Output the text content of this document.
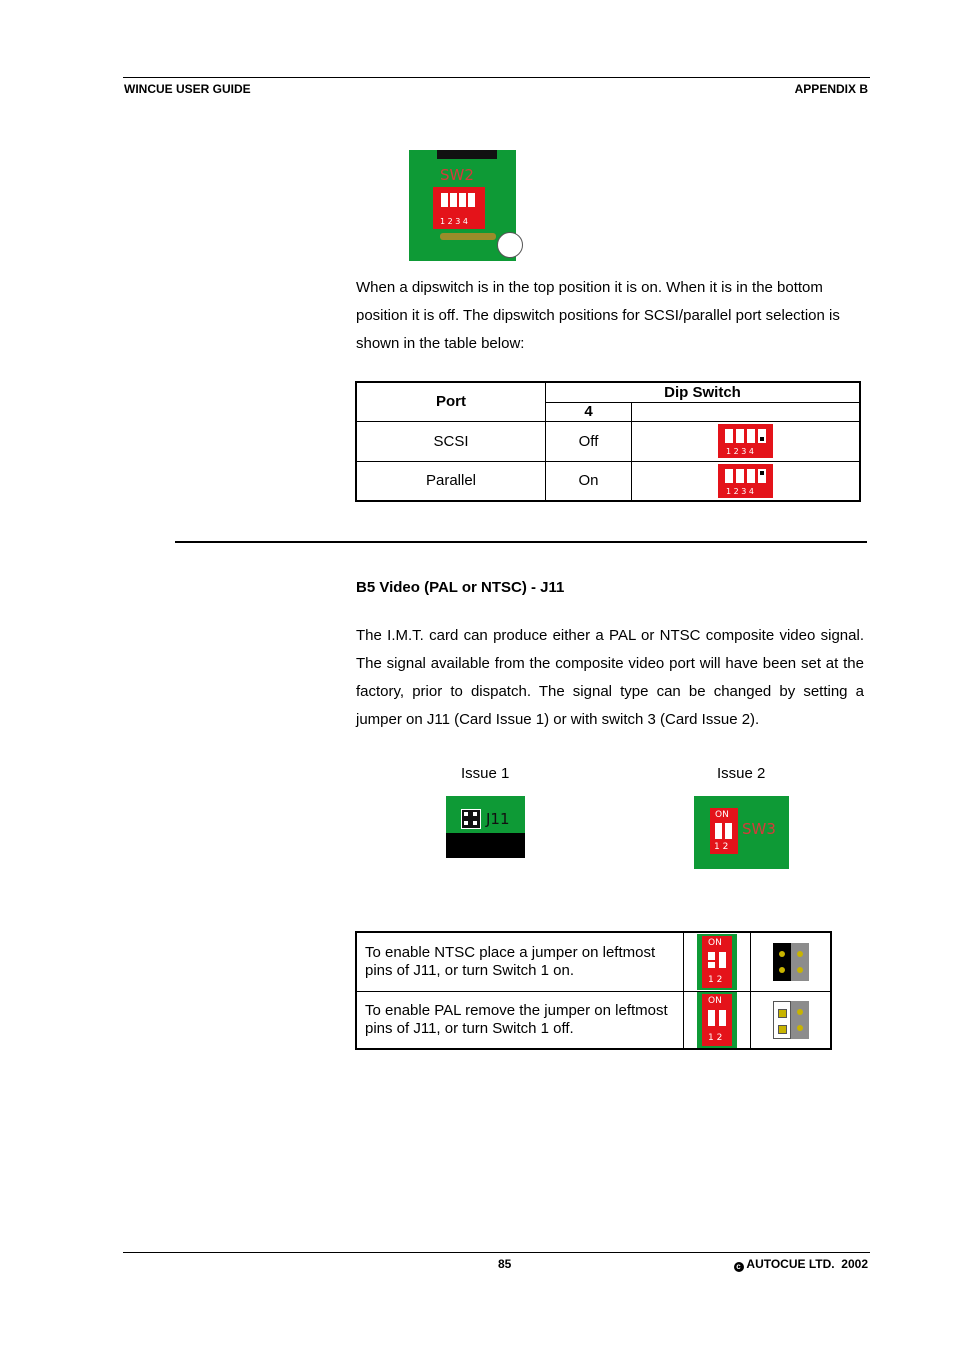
WINCUE USER GUIDE	APPENDIX B
SW2
1 2 3 4
When a dipswitch is in the top position it is on. When it is in the bottom
position it is off. The dipswitch positions for SCSI/parallel port selection is
shown in the table below:
Port	Dip Switch	
	4	
SCSI	Off	1 2 3 4

Parallel	On	1 2 3 4
B5 Video (PAL or NTSC) - J11
The I.M.T. card can produce either a PAL or NTSC composite video signal. The signal available from the composite video port will have been set at the factory, prior to dispatch. The signal type can be changed by setting a jumper on J11 (Card Issue 1) or with switch 3 (Card Issue 2).
Issue 1	Issue 2
J11	ON
1 2
SW3
To enable NTSC place a jumper on leftmost pins of J11, or turn Switch 1 on.	ON
1 2	

To enable PAL remove the jumper on leftmost pins of J11, or turn Switch 1 off.	ON
1 2	

85	c AUTOCUE LTD.  2002
